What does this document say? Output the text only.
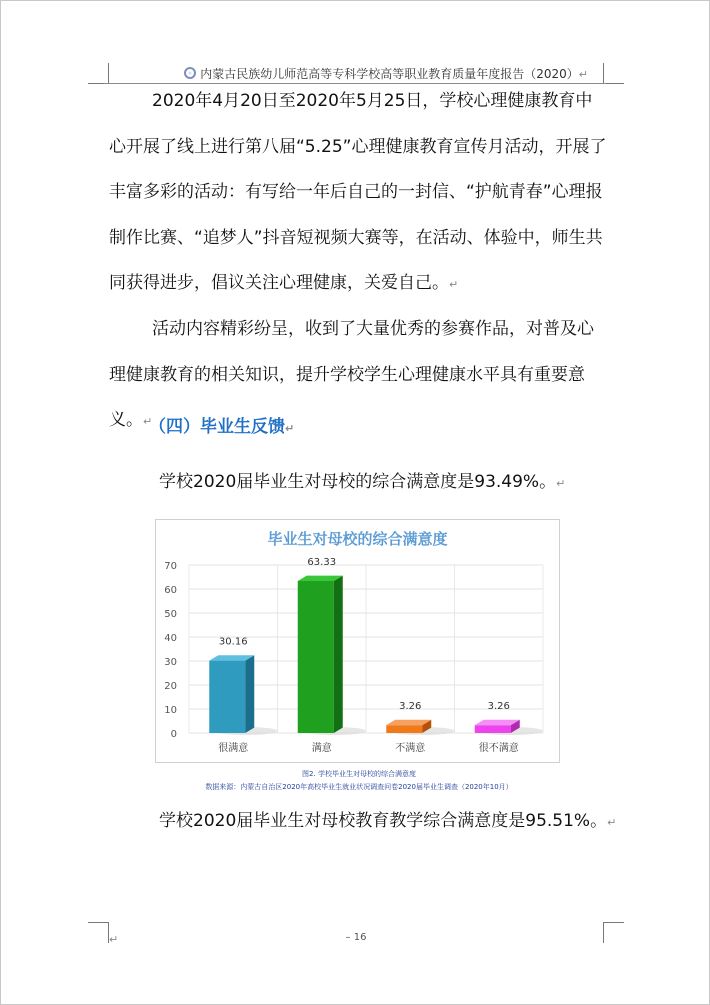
内蒙古民族幼儿师范高等专科学校高等职业教育质量年度报告（2020）↵
2020年4月20日至2020年5月25日，学校心理健康教育中心开展了线上进行第八届“5.25”心理健康教育宣传月活动，开展了丰富多彩的活动：有写给一年后自己的一封信、“护航青春”心理报制作比赛、“追梦人”抖音短视频大赛等，在活动、体验中，师生共同获得进步，倡议关注心理健康，关爱自己。↵
活动内容精彩纷呈，收到了大量优秀的参赛作品，对普及心理健康教育的相关知识，提升学校学生心理健康水平具有重要意义。↵
（四）毕业生反馈↵
学校2020届毕业生对母校的综合满意度是93.49%。↵
毕业生对母校的综合满意度
0
10
20
30
40
50
60
70
30.16
很满意
63.33
满意
3.26
不满意
3.26
很不满意
图2. 学校毕业生对母校的综合满意度
数据来源：内蒙古自治区2020年高校毕业生就业状况调查问卷2020届毕业生调查（2020年10月）
学校2020届毕业生对母校教育教学综合满意度是95.51%。↵
↵	– 16
